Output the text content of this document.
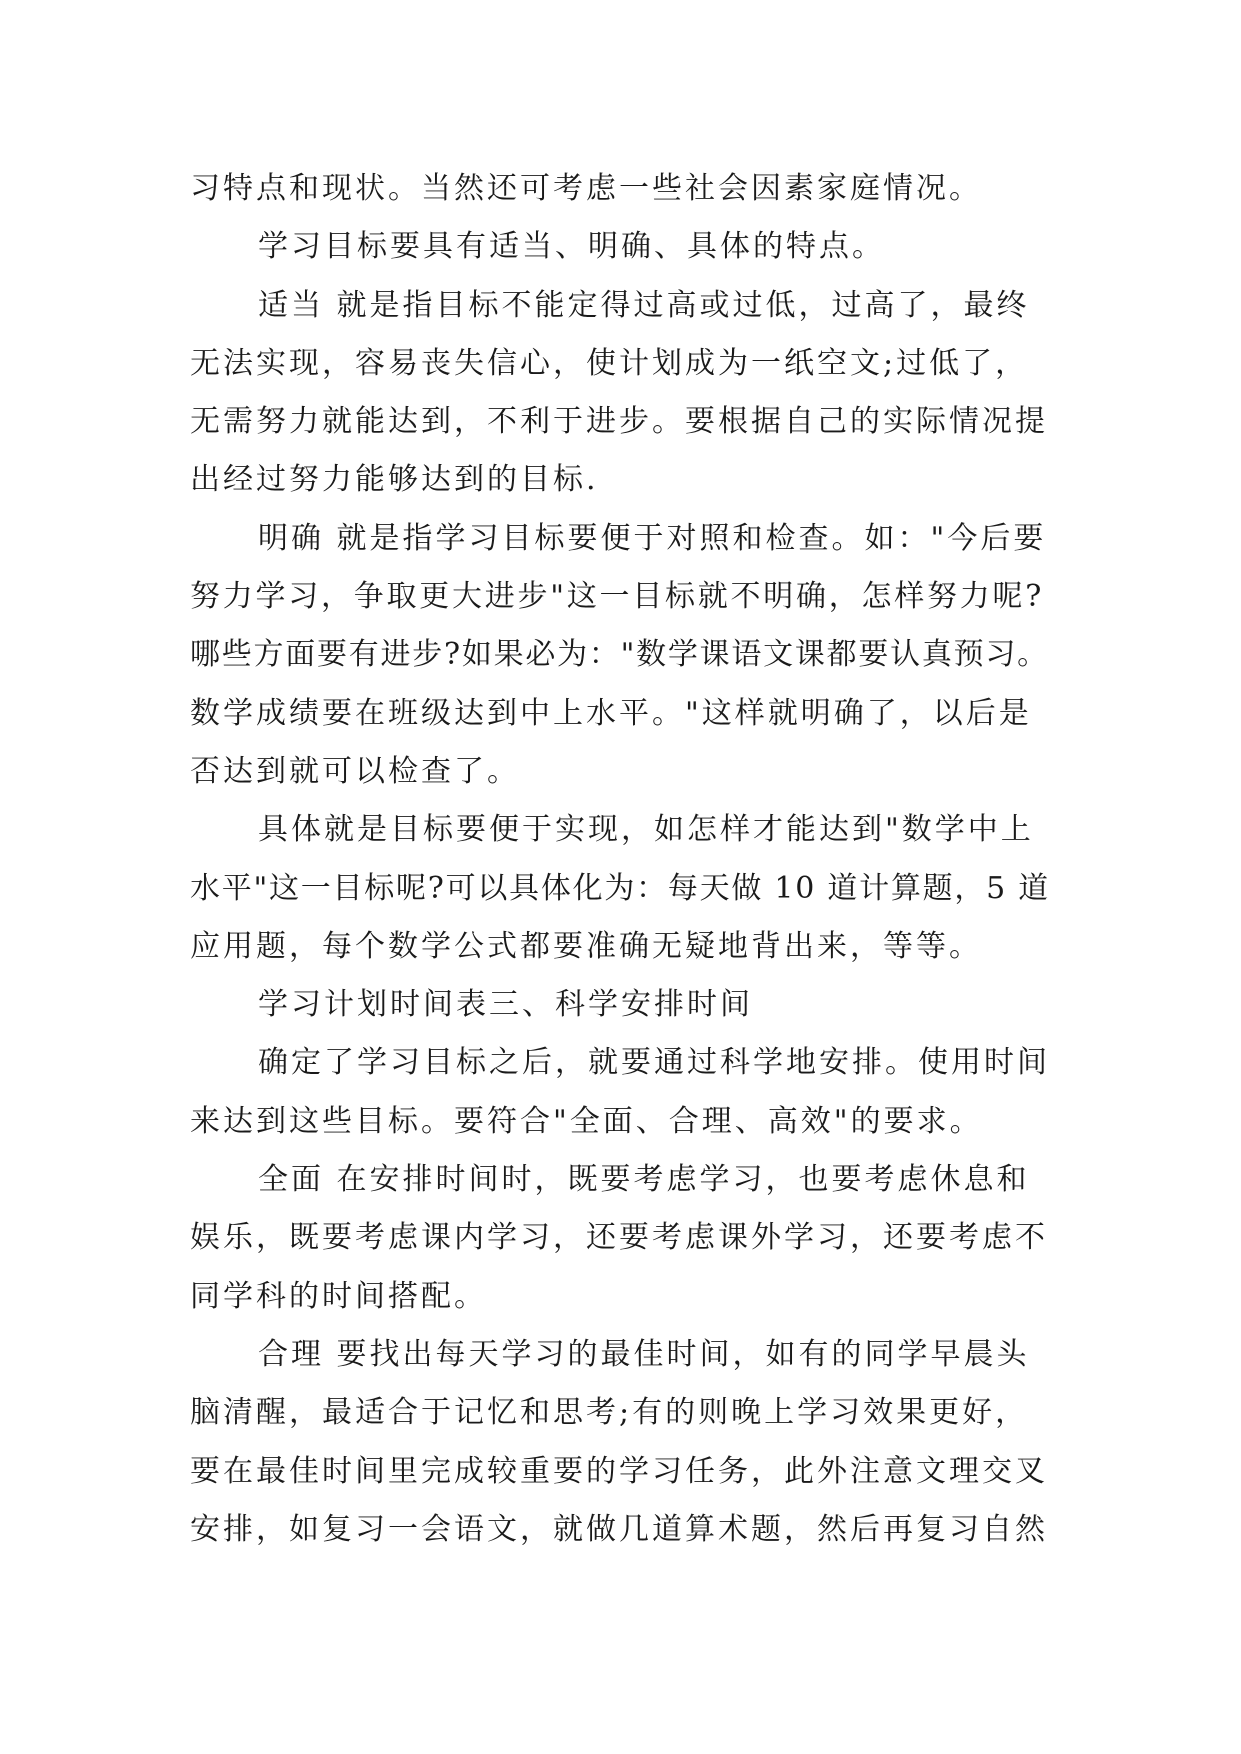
习特点和现状。当然还可考虑一些社会因素家庭情况。
学习目标要具有适当、明确、具体的特点。
适当 就是指目标不能定得过高或过低，过高了，最终
无法实现，容易丧失信心，使计划成为一纸空文;过低了，
无需努力就能达到，不利于进步。要根据自己的实际情况提
出经过努力能够达到的目标.
明确 就是指学习目标要便于对照和检查。如："今后要
努力学习，争取更大进步"这一目标就不明确，怎样努力呢?
哪些方面要有进步?如果必为："数学课语文课都要认真预习。
数学成绩要在班级达到中上水平。"这样就明确了，以后是
否达到就可以检查了。
具体就是目标要便于实现，如怎样才能达到"数学中上
水平"这一目标呢?可以具体化为：每天做 10 道计算题，5 道
应用题，每个数学公式都要准确无疑地背出来，等等。
学习计划时间表三、科学安排时间
确定了学习目标之后，就要通过科学地安排。使用时间
来达到这些目标。要符合"全面、合理、高效"的要求。
全面 在安排时间时，既要考虑学习，也要考虑休息和
娱乐，既要考虑课内学习，还要考虑课外学习，还要考虑不
同学科的时间搭配。
合理 要找出每天学习的最佳时间，如有的同学早晨头
脑清醒，最适合于记忆和思考;有的则晚上学习效果更好，
要在最佳时间里完成较重要的学习任务，此外注意文理交叉
安排，如复习一会语文，就做几道算术题，然后再复习自然
